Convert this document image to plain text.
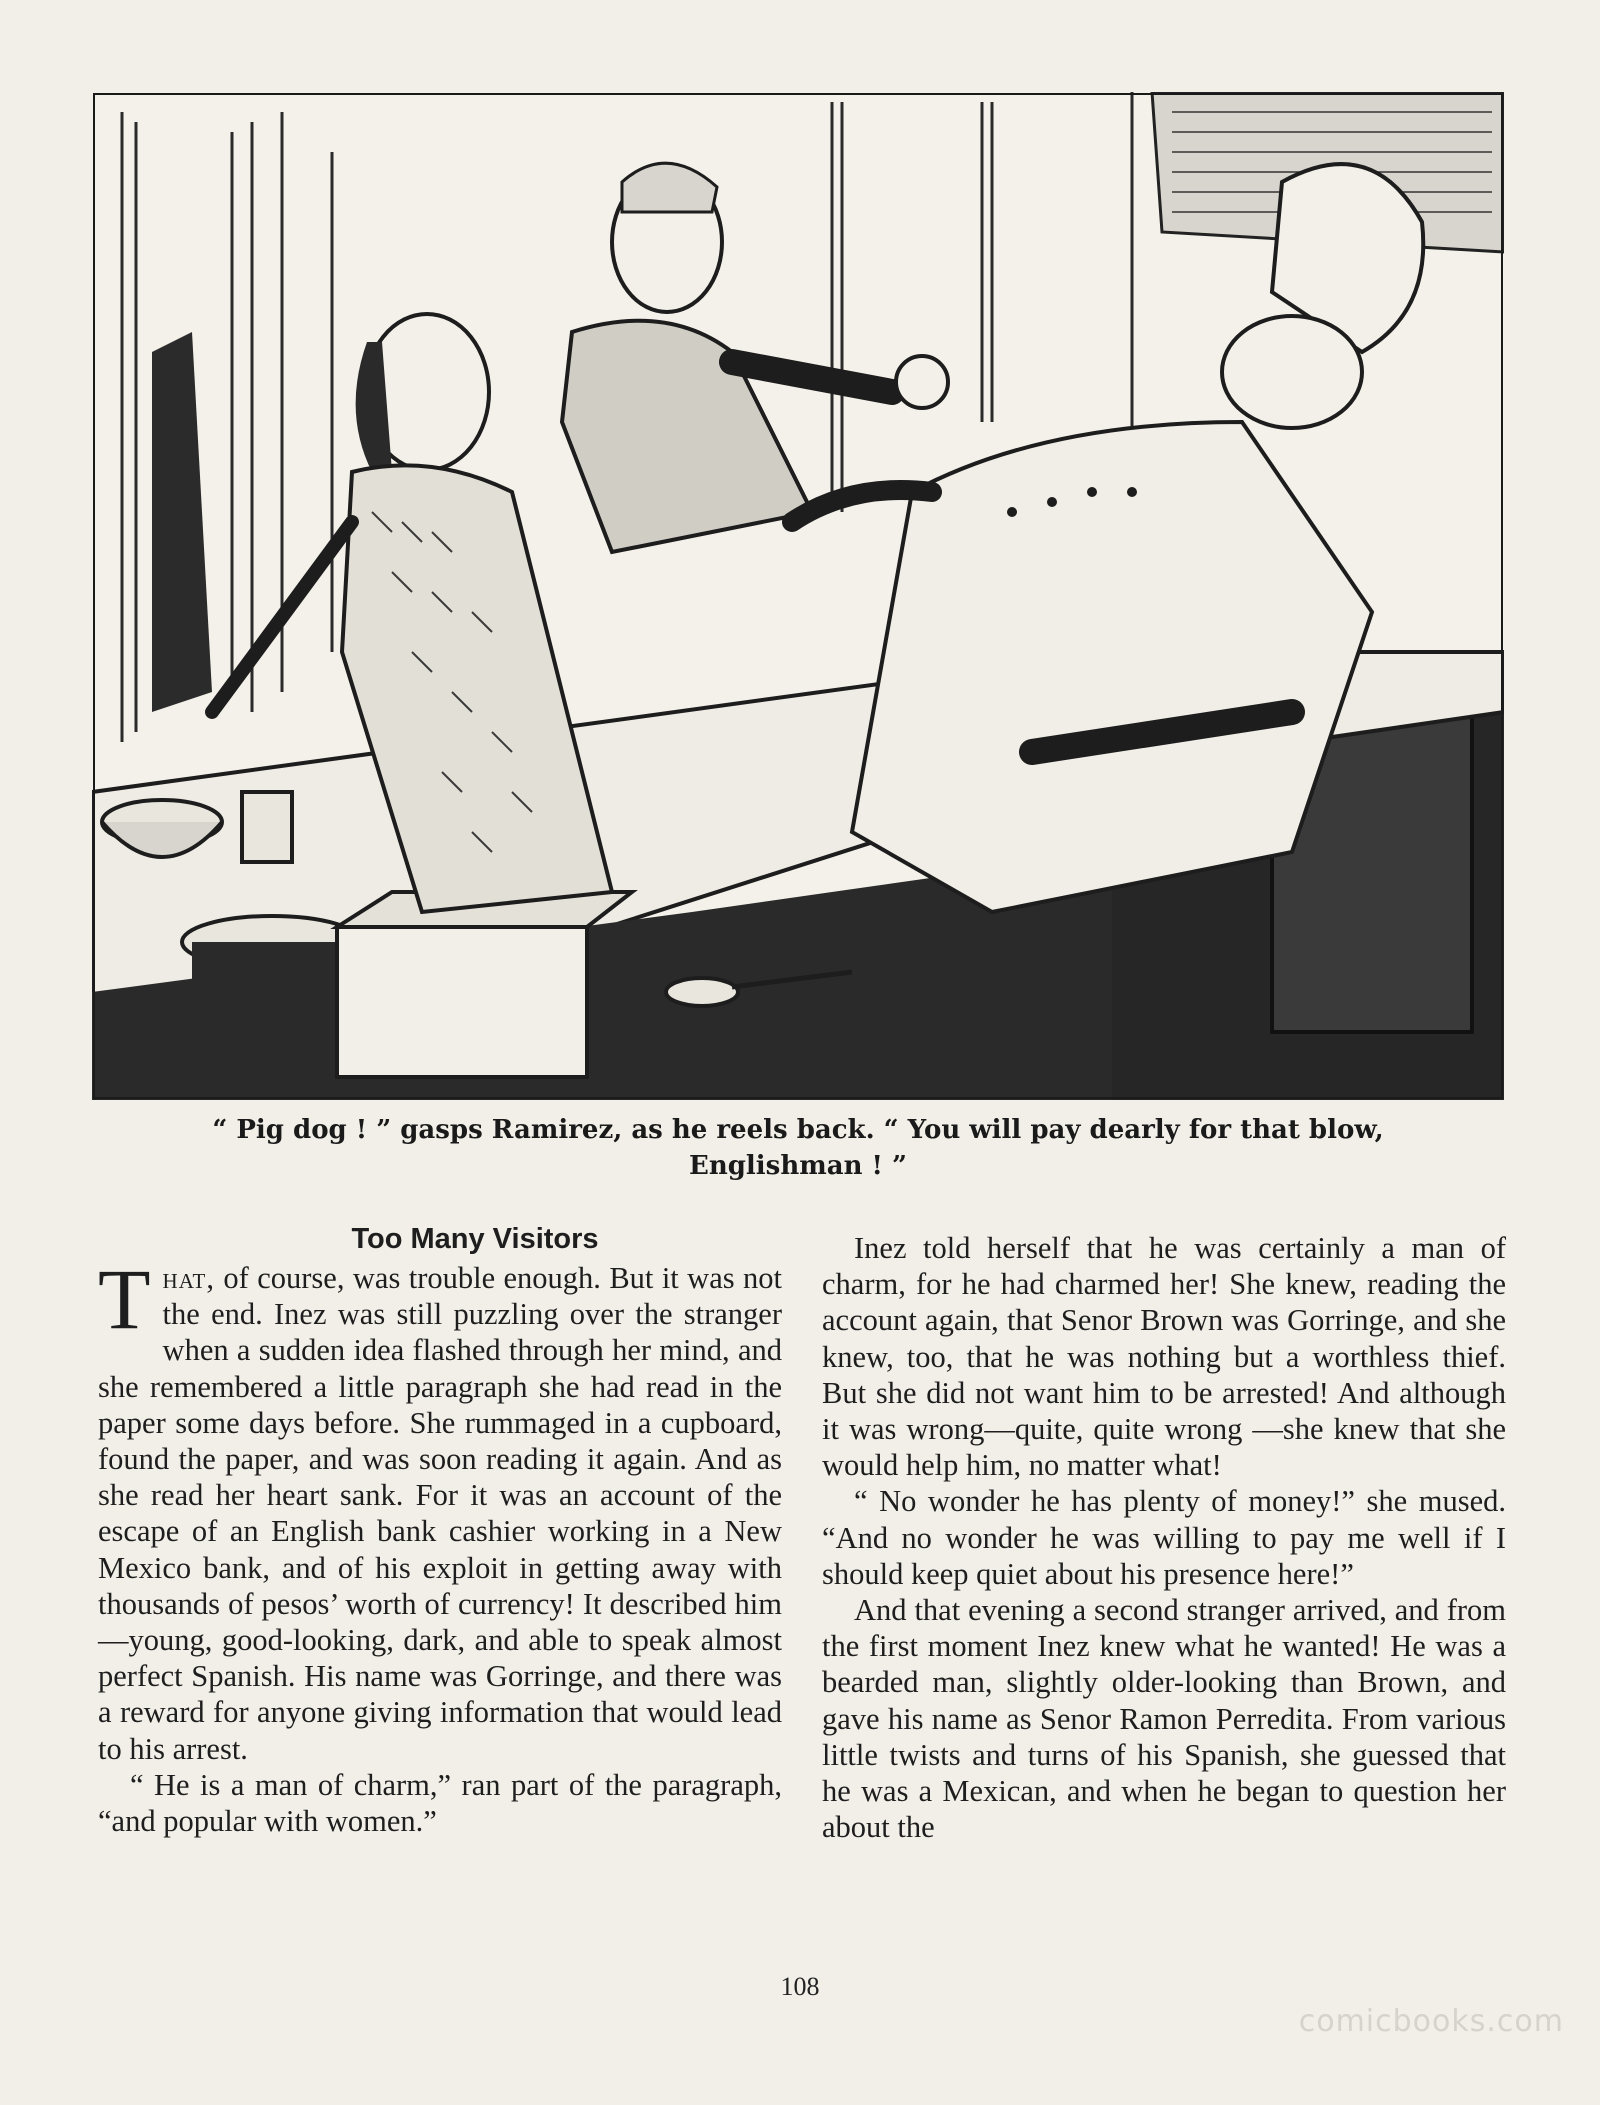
“ Pig dog ! ” gasps Ramirez, as he reels back. “ You will pay dearly for that blow,
Englishman ! ”
Too Many Visitors

That, of course, was trouble enough. But it was not the end. Inez was still puzzling over the stranger when a sudden idea flashed through her mind, and she remembered a little paragraph she had read in the paper some days before. She rummaged in a cupboard, found the paper, and was soon reading it again. And as she read her heart sank. For it was an account of the escape of an English bank cashier working in a New Mexico bank, and of his exploit in getting away with thousands of pesos’ worth of currency! It described him —young, good-looking, dark, and able to speak almost perfect Spanish. His name was Gorringe, and there was a reward for anyone giving information that would lead to his arrest.

“ He is a man of charm,” ran part of the paragraph, “and popular with women.”

Inez told herself that he was certainly a man of charm, for he had charmed her! She knew, reading the account again, that Senor Brown was Gorringe, and she knew, too, that he was nothing but a worthless thief. But she did not want him to be arrested! And although it was wrong—quite, quite wrong —she knew that she would help him, no matter what!

“ No wonder he has plenty of money!” she mused. “And no wonder he was willing to pay me well if I should keep quiet about his presence here!”

And that evening a second stranger arrived, and from the first moment Inez knew what he wanted! He was a bearded man, slightly older-looking than Brown, and gave his name as Senor Ramon Perredita. From various little twists and turns of his Spanish, she guessed that he was a Mexican, and when he began to question her about the

108
comicbooks.com
